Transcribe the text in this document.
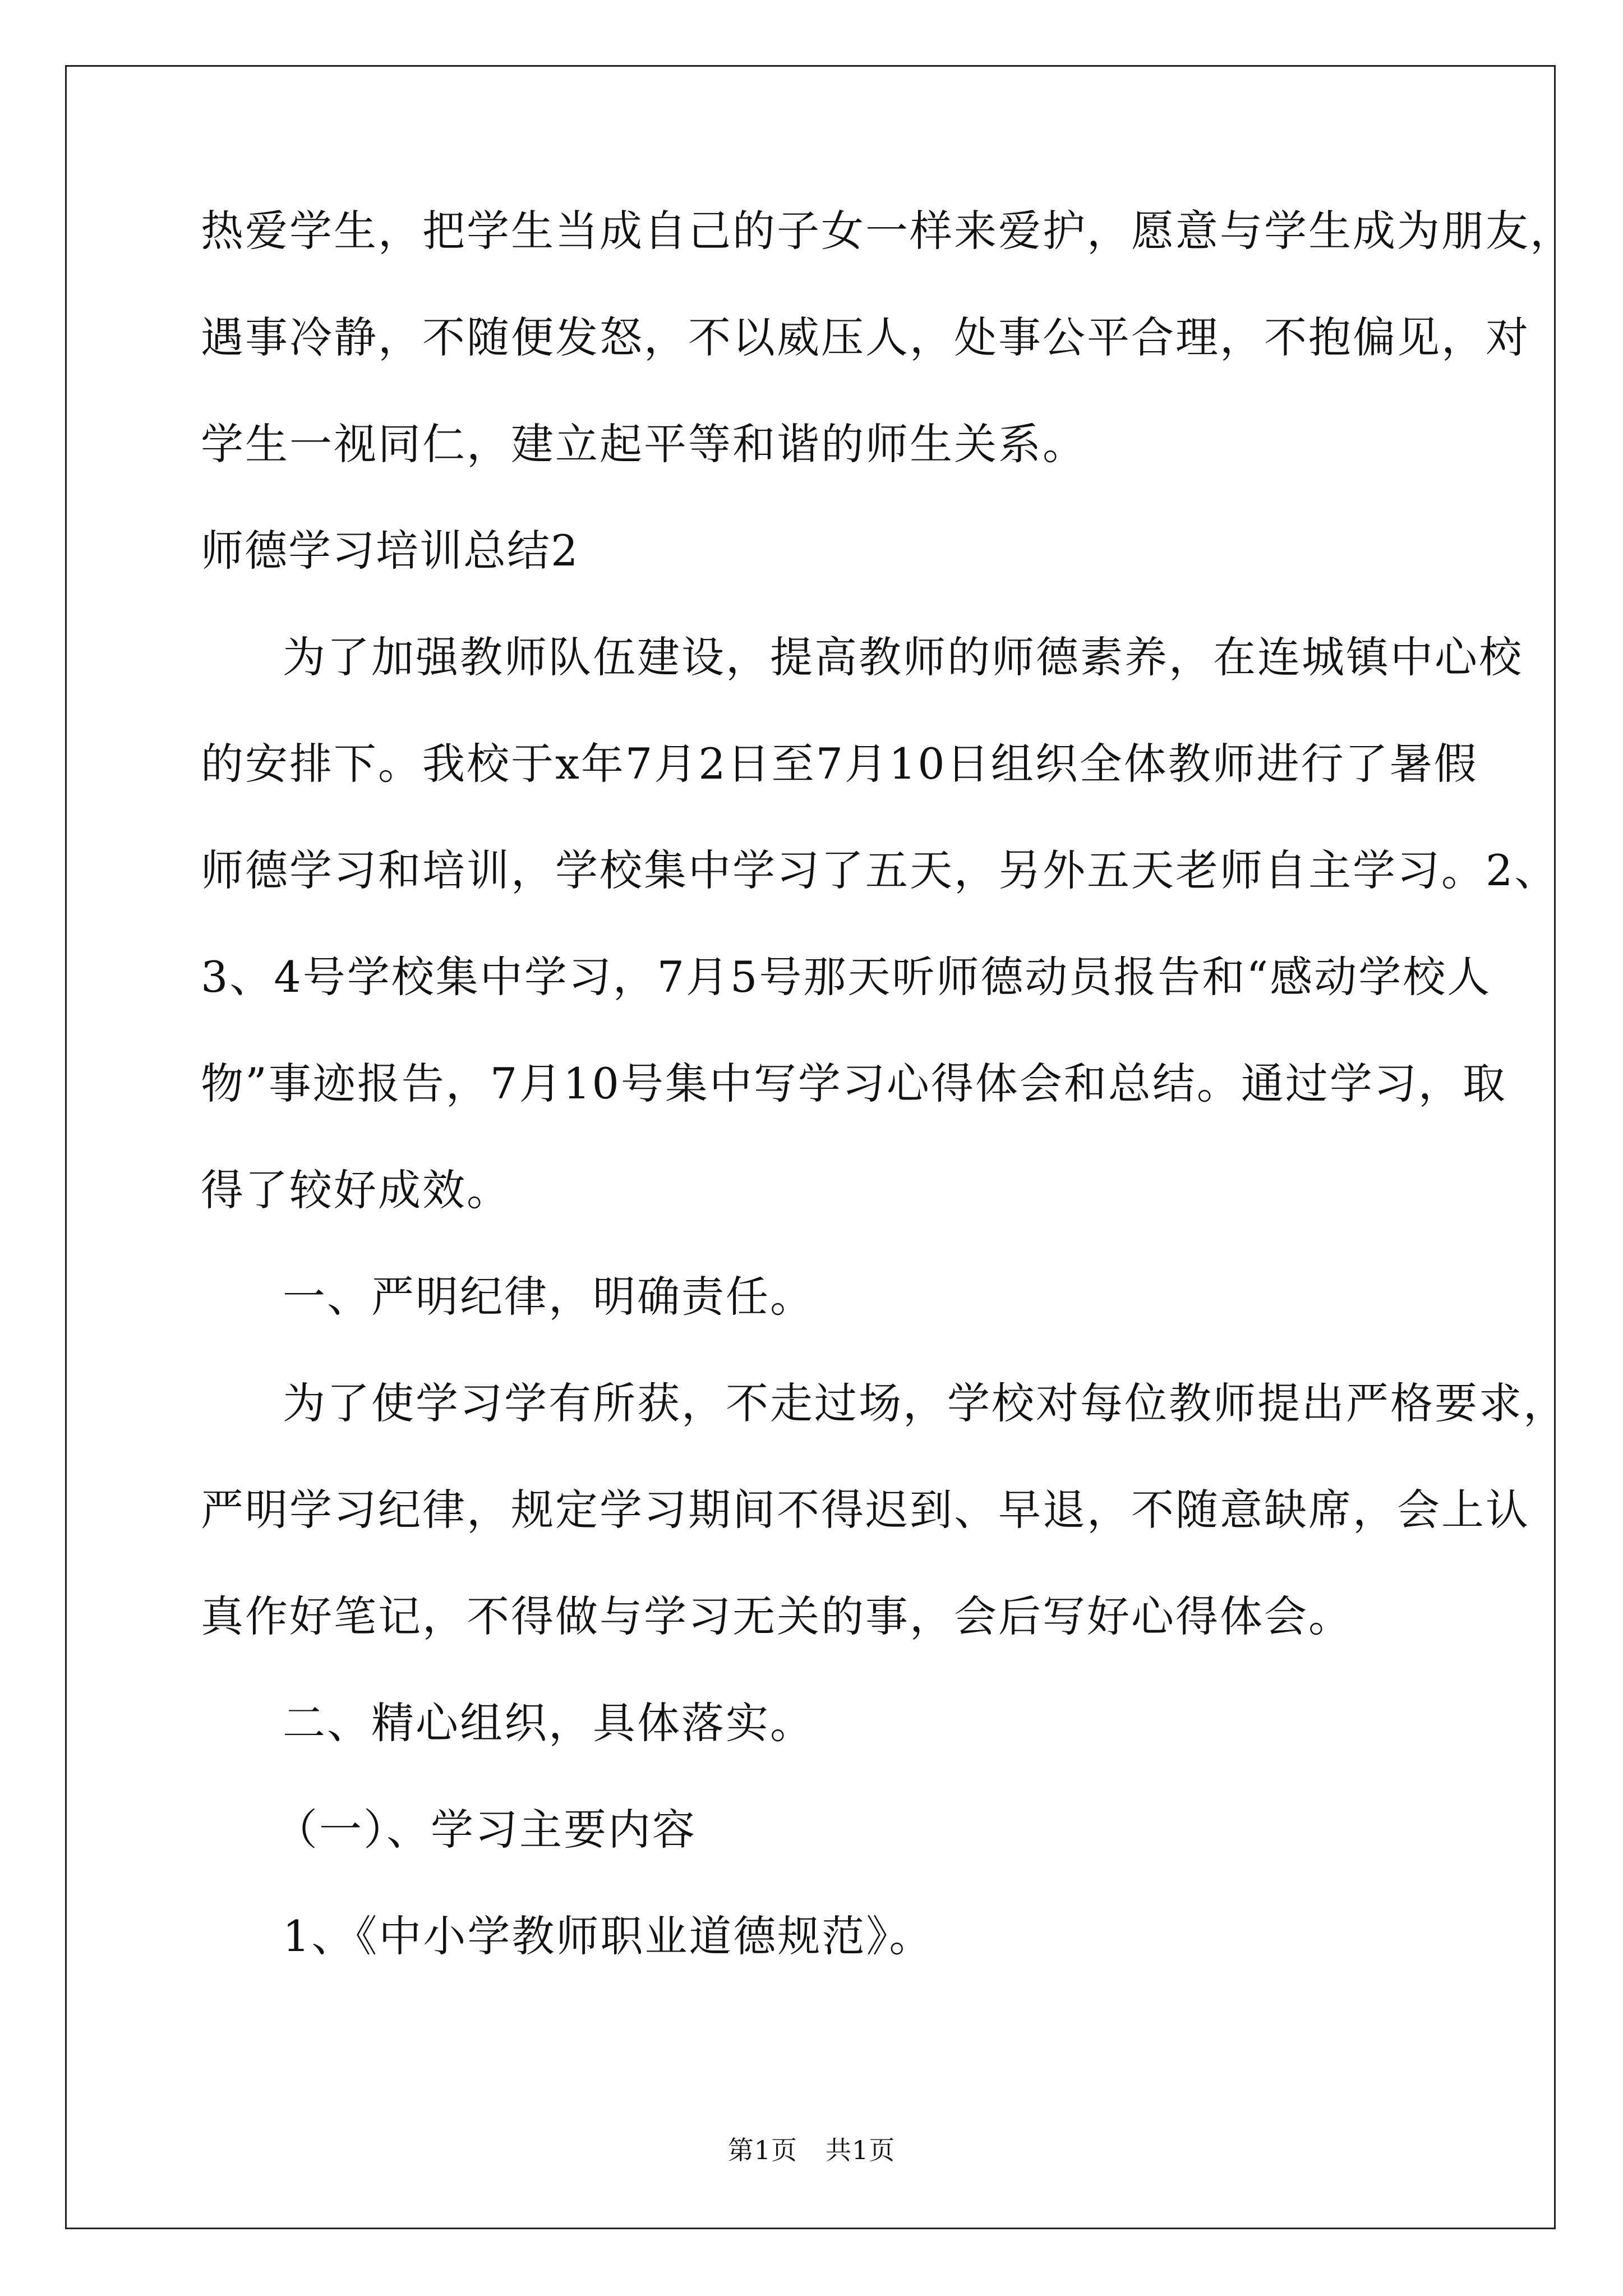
热爱学生，把学生当成自己的子女一样来爱护，愿意与学生成为朋友，
遇事冷静，不随便发怒，不以威压人，处事公平合理，不抱偏见，对
学生一视同仁，建立起平等和谐的师生关系。
师德学习培训总结2
为了加强教师队伍建设，提高教师的师德素养，在连城镇中心校
的安排下。我校于x年7月2日至7月10日组织全体教师进行了暑假
师德学习和培训，学校集中学习了五天，另外五天老师自主学习。2、
3、4号学校集中学习，7月5号那天听师德动员报告和“感动学校人
物”事迹报告，7月10号集中写学习心得体会和总结。通过学习，取
得了较好成效。
一、严明纪律，明确责任。
为了使学习学有所获，不走过场，学校对每位教师提出严格要求，
严明学习纪律，规定学习期间不得迟到、早退，不随意缺席，会上认
真作好笔记，不得做与学习无关的事，会后写好心得体会。
二、精心组织，具体落实。
（一）、学习主要内容
1、《中小学教师职业道德规范》。
第1页 共1页
